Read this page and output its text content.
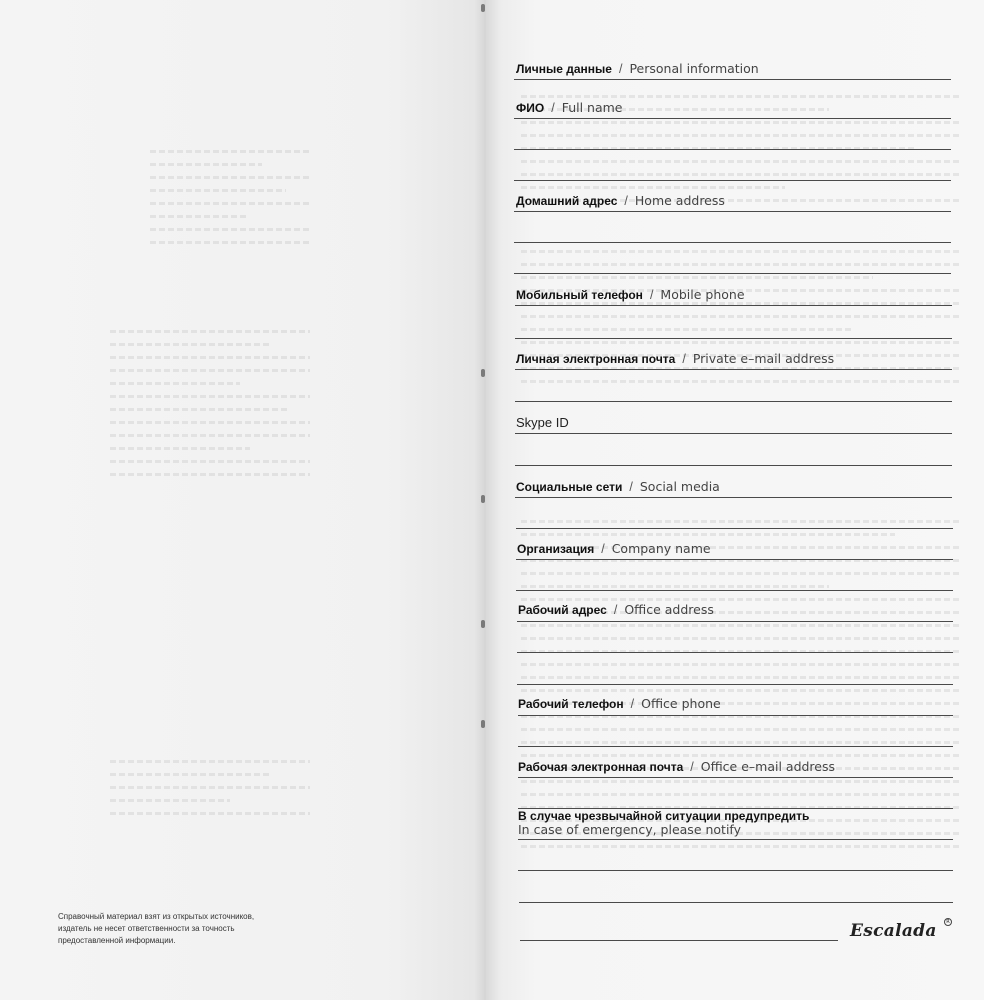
Справочный материал взят из открытых источников,
издатель не несет ответственности за точность
предоставленной информации.
Личные данные / Personal information
ФИО / Full name
Домашний адрес / Home address
Мобильный телефон / Mobile phone
Личная электронная почта / Private e–mail address
Skype ID
Социальные сети / Social media
Организация / Company name
Рабочий адрес / Office address
Рабочий телефон / Office phone
Рабочая электронная почта / Office e–mail address
В случае чрезвычайной ситуации предупредить
In case of emergency, please notify
Escalada	R
